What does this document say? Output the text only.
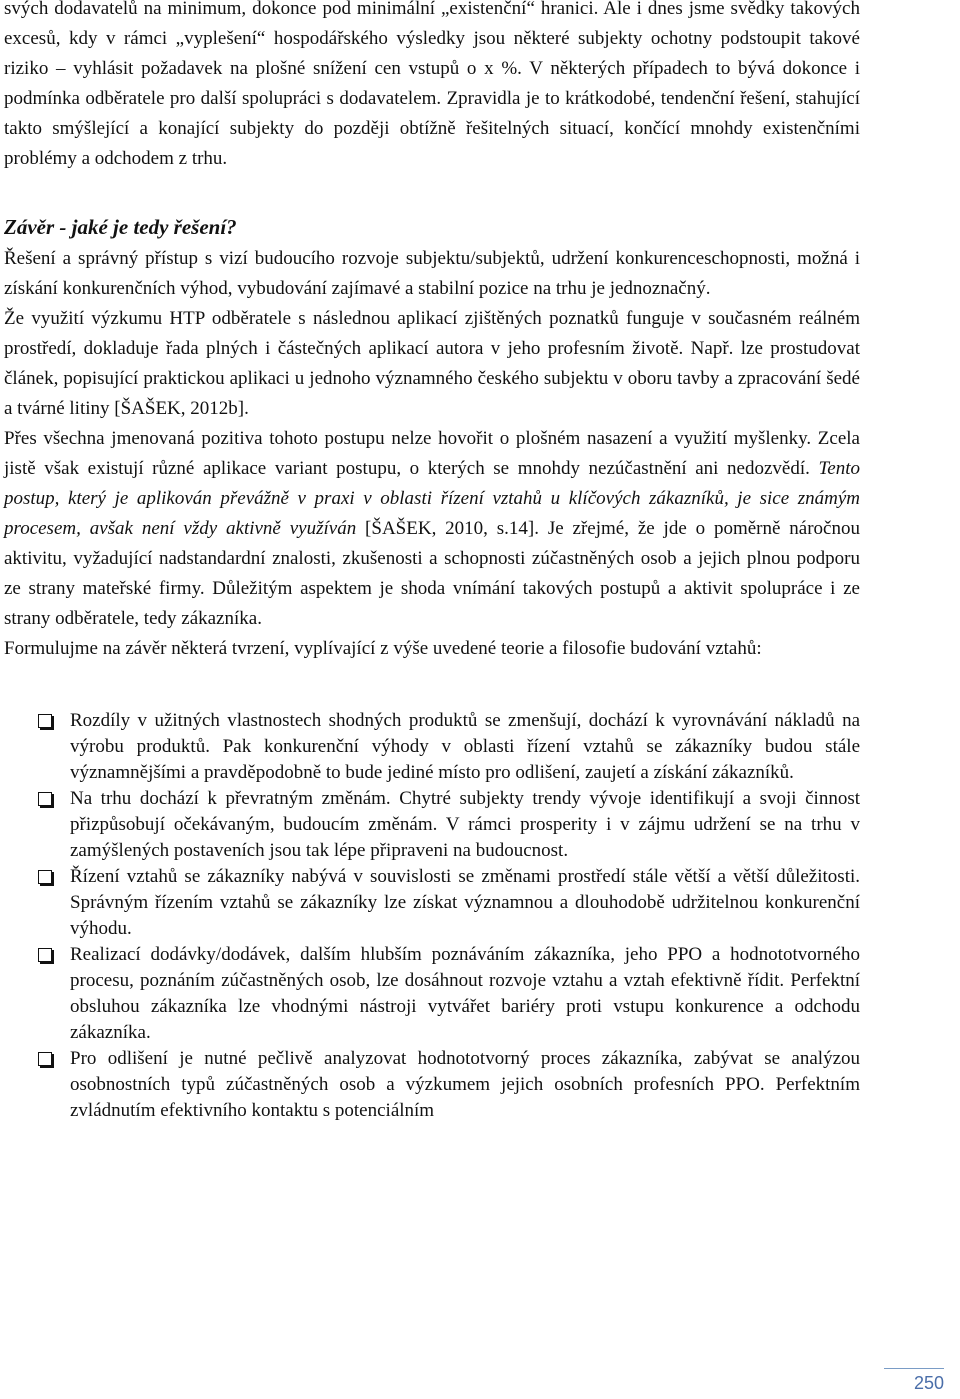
svých dodavatelů na minimum, dokonce pod minimální „existenční“ hranici. Ale i dnes jsme svědky takových excesů, kdy v rámci „vyplešení“ hospodářského výsledky jsou některé subjekty ochotny podstoupit takové riziko – vyhlásit požadavek na plošné snížení cen vstupů o x %. V některých případech to bývá dokonce i podmínka odběratele pro další spolupráci s dodavatelem. Zpravidla je to krátkodobé, tendenční řešení, stahující takto smýšlející a konající subjekty do později obtížně řešitelných situací, končící mnohdy existenčními problémy a odchodem z trhu.

Závěr - jaké je tedy řešení?

Řešení a správný přístup s vizí budoucího rozvoje subjektu/subjektů, udržení konkurenceschopnosti, možná i získání konkurenčních výhod, vybudování zajímavé a stabilní pozice na trhu je jednoznačný.

Že využití výzkumu HTP odběratele s následnou aplikací zjištěných poznatků funguje v současném reálném prostředí, dokladuje řada plných i částečných aplikací autora v jeho profesním životě. Např. lze prostudovat článek, popisující praktickou aplikaci u jednoho významného českého subjektu v oboru tavby a zpracování šedé a tvárné litiny [ŠAŠEK, 2012b].

Přes všechna jmenovaná pozitiva tohoto postupu nelze hovořit o plošném nasazení a využití myšlenky. Zcela jistě však existují různé aplikace variant postupu, o kterých se mnohdy nezúčastnění ani nedozvědí. Tento postup, který je aplikován převážně v praxi v oblasti řízení vztahů u klíčových zákazníků, je sice známým procesem, avšak není vždy aktivně využíván [ŠAŠEK, 2010, s.14]. Je zřejmé, že jde o poměrně náročnou aktivitu, vyžadující nadstandardní znalosti, zkušenosti a schopnosti zúčastněných osob a jejich plnou podporu ze strany mateřské firmy. Důležitým aspektem je shoda vnímání takových postupů a aktivit spolupráce i ze strany odběratele, tedy zákazníka.

Formulujme na závěr některá tvrzení, vyplívající z výše uvedené teorie a filosofie budování vztahů:

Rozdíly v užitných vlastnostech shodných produktů se zmenšují, dochází k vyrovnávání nákladů na výrobu produktů. Pak konkurenční výhody v oblasti řízení vztahů se zákazníky budou stále významnějšími a pravděpodobně to bude jediné místo pro odlišení, zaujetí a získání zákazníků.
Na trhu dochází k převratným změnám. Chytré subjekty trendy vývoje identifikují a svoji činnost přizpůsobují očekávaným, budoucím změnám. V rámci prosperity i v zájmu udržení se na trhu v zamýšlených postaveních jsou tak lépe připraveni na budoucnost.
Řízení vztahů se zákazníky nabývá v souvislosti se změnami prostředí stále větší a větší důležitosti. Správným řízením vztahů se zákazníky lze získat významnou a dlouhodobě udržitelnou konkurenční výhodu.
Realizací dodávky/dodávek, dalším hlubším poznáváním zákazníka, jeho PPO a hodnototvorného procesu, poznáním zúčastněných osob, lze dosáhnout rozvoje vztahu a vztah efektivně řídit. Perfektní obsluhou zákazníka lze vhodnými nástroji vytvářet bariéry proti vstupu konkurence a odchodu zákazníka.
Pro odlišení je nutné pečlivě analyzovat hodnototvorný proces zákazníka, zabývat se analýzou osobnostních typů zúčastněných osob a výzkumem jejich osobních profesních PPO. Perfektním zvládnutím efektivního kontaktu s potenciálním
250
